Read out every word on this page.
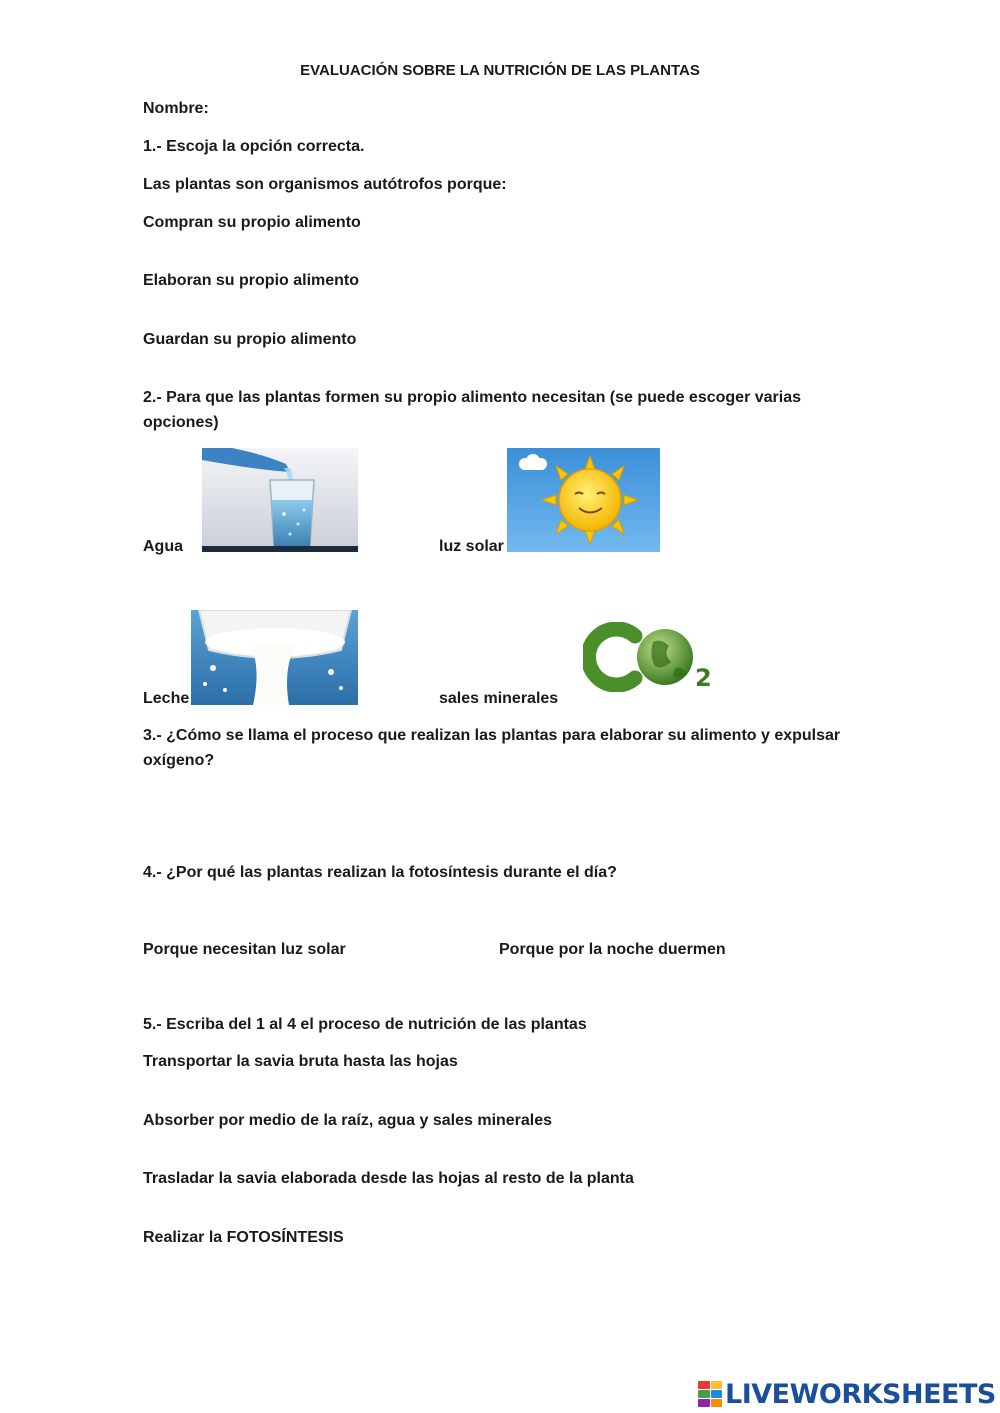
EVALUACIÓN SOBRE LA NUTRICIÓN DE LAS PLANTAS
Nombre:
1.- Escoja la opción correcta.
Las plantas son organismos autótrofos porque:
Compran su propio alimento
Elaboran su propio alimento
Guardan su propio alimento
2.- Para que las plantas formen su propio alimento necesitan (se puede escoger varias opciones)
Agua	luz solar
Leche	sales minerales
2
3.- ¿Cómo se llama el proceso que realizan las plantas para elaborar su alimento y expulsar oxígeno?
4.- ¿Por qué las plantas realizan la fotosíntesis durante el día?
Porque necesitan luz solar	Porque por la noche duermen
5.- Escriba del 1 al 4 el proceso de nutrición de las plantas
Transportar la savia bruta hasta las hojas
Absorber por medio de la raíz, agua y sales minerales
Trasladar la savia elaborada desde las hojas al resto de la planta
Realizar la FOTOSÍNTESIS
LIVEWORKSHEETS
